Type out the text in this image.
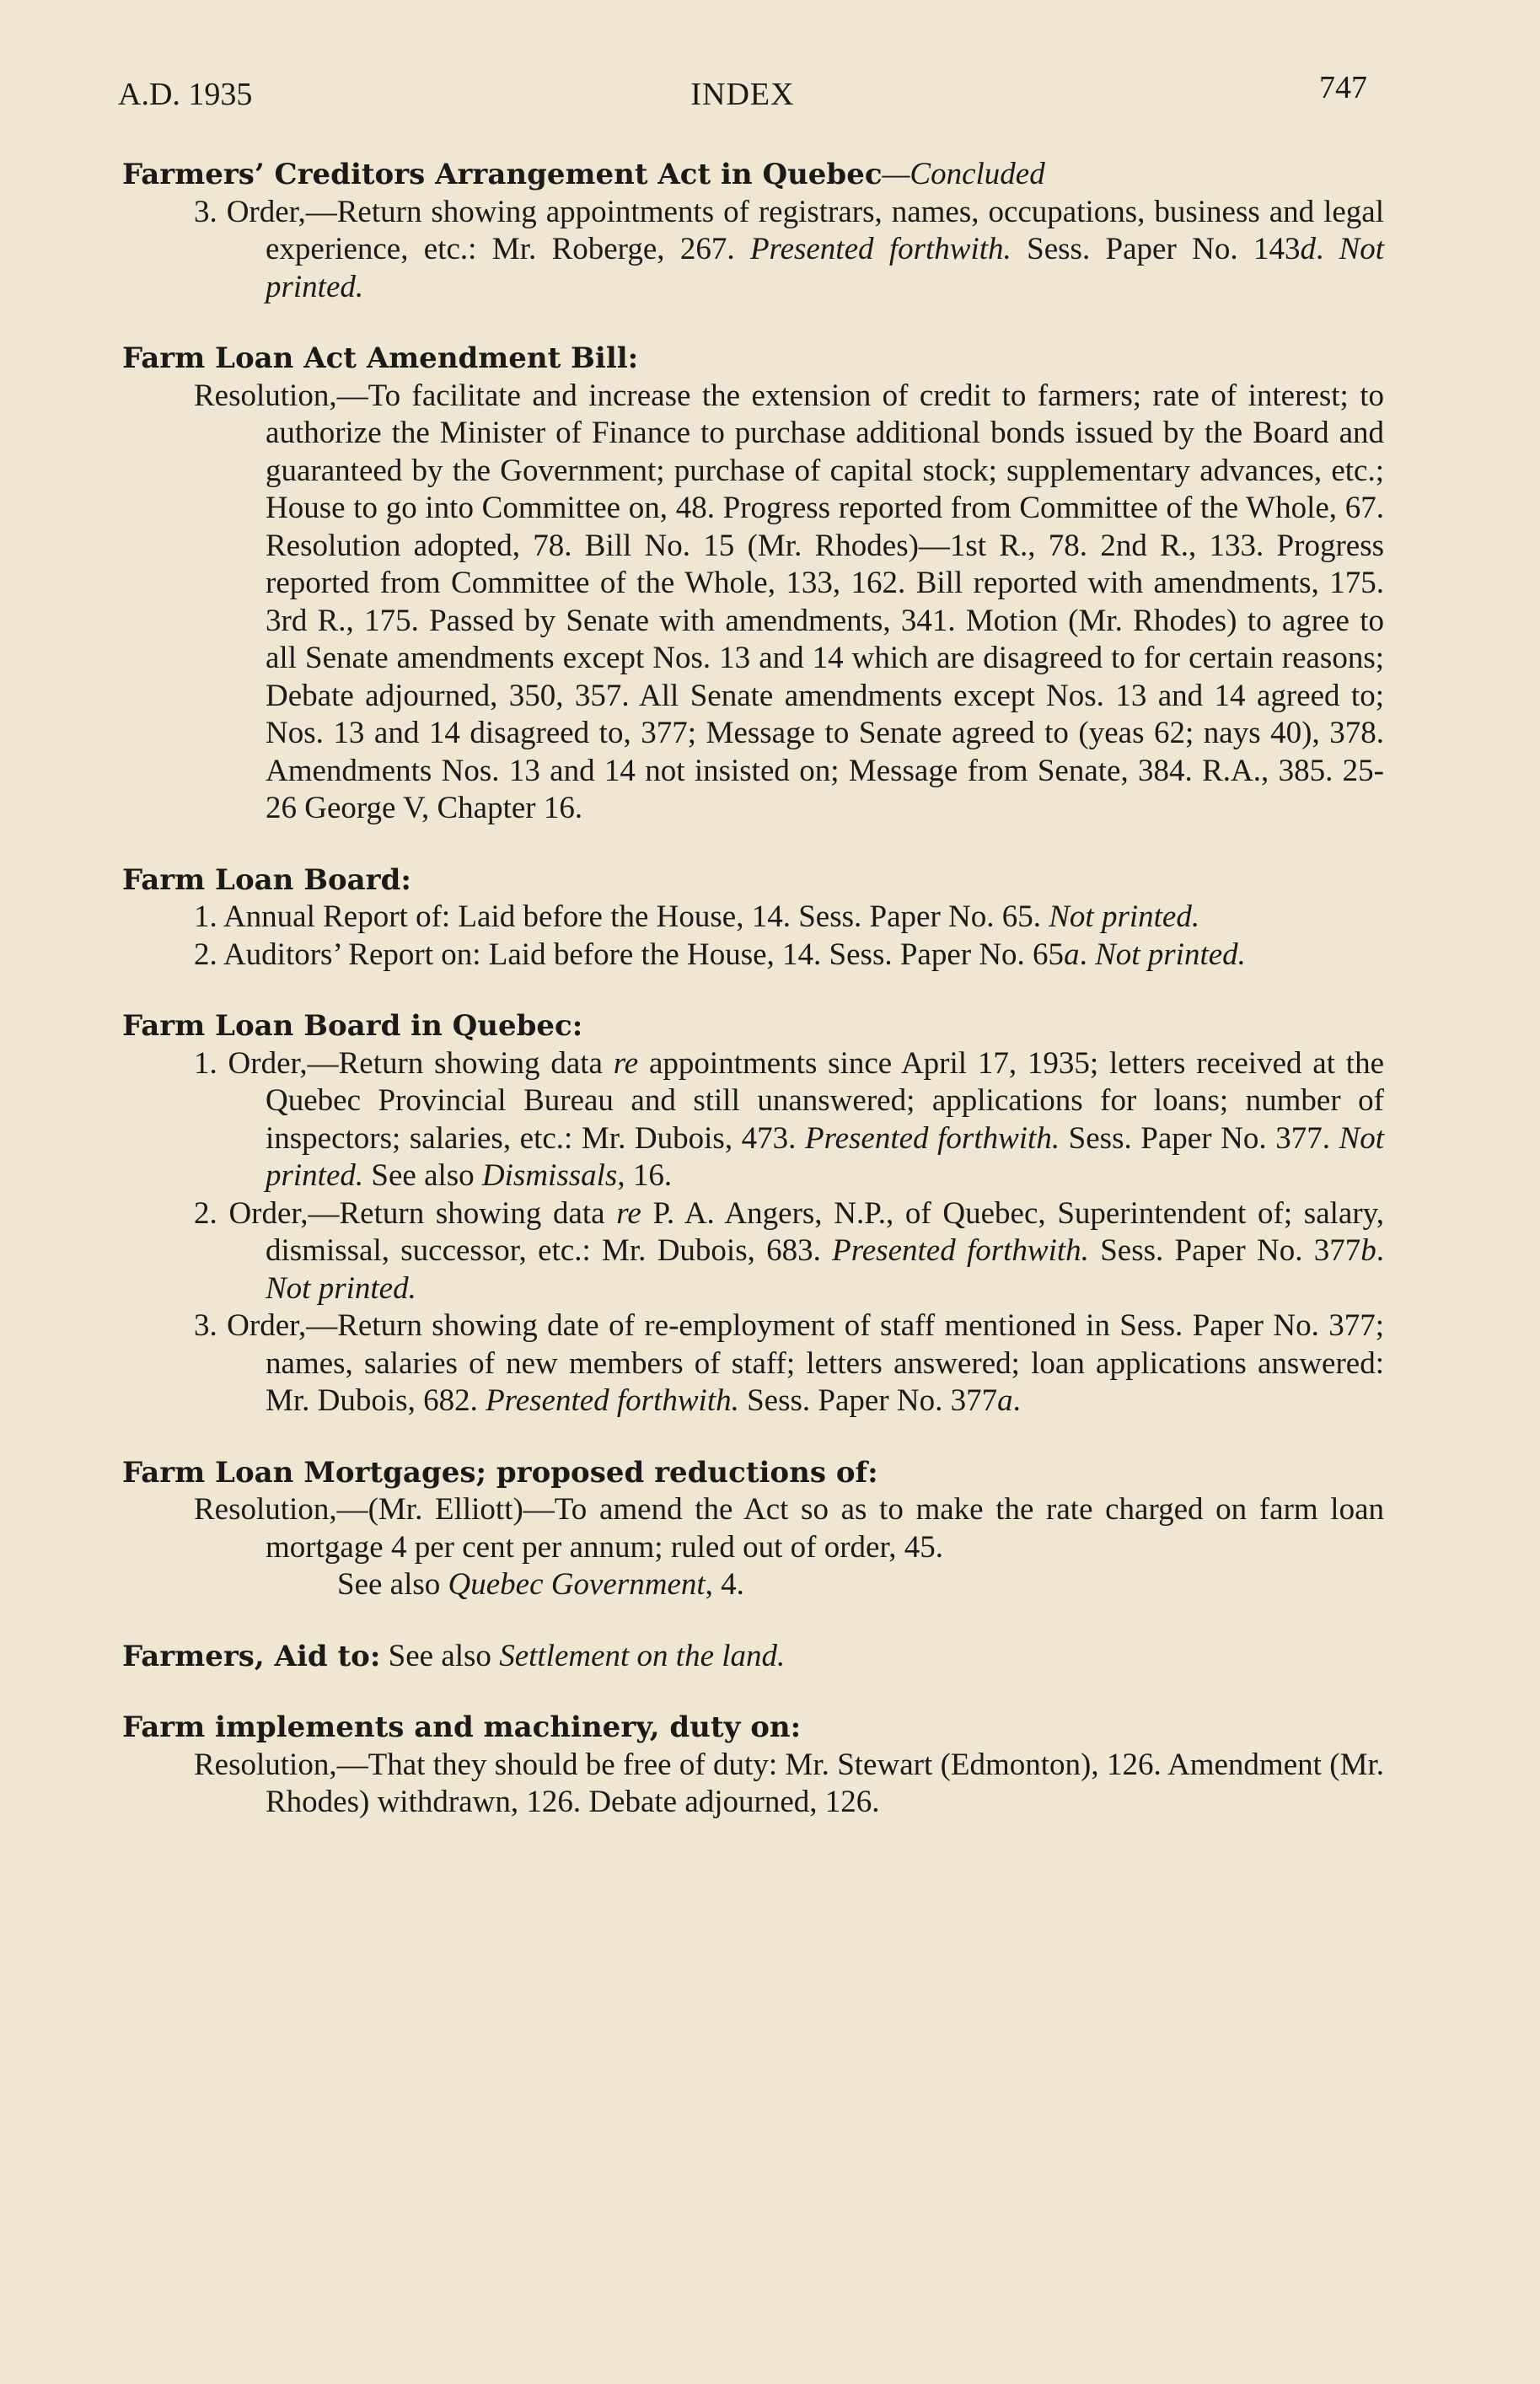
A.D. 1935	INDEX	747
Farmers’ Creditors Arrangement Act in Quebec—Concluded

3. Order,—Return showing appointments of registrars, names, occupations, business and legal experience, etc.: Mr. Roberge, 267. Presented forthwith. Sess. Paper No. 143d. Not printed.

Farm Loan Act Amendment Bill:

Resolution,—To facilitate and increase the extension of credit to farmers; rate of interest; to authorize the Minister of Finance to purchase additional bonds issued by the Board and guaranteed by the Government; purchase of capital stock; supplementary advances, etc.; House to go into Committee on, 48. Progress reported from Committee of the Whole, 67. Resolution adopted, 78. Bill No. 15 (Mr. Rhodes)—1st R., 78. 2nd R., 133. Progress reported from Committee of the Whole, 133, 162. Bill reported with amendments, 175. 3rd R., 175. Passed by Senate with amendments, 341. Motion (Mr. Rhodes) to agree to all Senate amendments except Nos. 13 and 14 which are disagreed to for certain reasons; Debate adjourned, 350, 357. All Senate amendments except Nos. 13 and 14 agreed to; Nos. 13 and 14 disagreed to, 377; Message to Senate agreed to (yeas 62; nays 40), 378. Amendments Nos. 13 and 14 not insisted on; Message from Senate, 384. R.A., 385. 25-26 George V, Chapter 16.

Farm Loan Board:

1. Annual Report of: Laid before the House, 14. Sess. Paper No. 65. Not printed.

2. Auditors’ Report on: Laid before the House, 14. Sess. Paper No. 65a. Not printed.

Farm Loan Board in Quebec:

1. Order,—Return showing data re appointments since April 17, 1935; letters received at the Quebec Provincial Bureau and still unanswered; applications for loans; number of inspectors; salaries, etc.: Mr. Dubois, 473. Presented forthwith. Sess. Paper No. 377. Not printed. See also Dismissals, 16.

2. Order,—Return showing data re P. A. Angers, N.P., of Quebec, Superintendent of; salary, dismissal, successor, etc.: Mr. Dubois, 683. Presented forthwith. Sess. Paper No. 377b. Not printed.

3. Order,—Return showing date of re-employment of staff mentioned in Sess. Paper No. 377; names, salaries of new members of staff; letters answered; loan applications answered: Mr. Dubois, 682. Presented forthwith. Sess. Paper No. 377a.

Farm Loan Mortgages; proposed reductions of:

Resolution,—(Mr. Elliott)—To amend the Act so as to make the rate charged on farm loan mortgage 4 per cent per annum; ruled out of order, 45.

See also Quebec Government, 4.

Farmers, Aid to: See also Settlement on the land.
Farm implements and machinery, duty on:

Resolution,—That they should be free of duty: Mr. Stewart (Edmonton), 126. Amendment (Mr. Rhodes) withdrawn, 126. Debate adjourned, 126.
